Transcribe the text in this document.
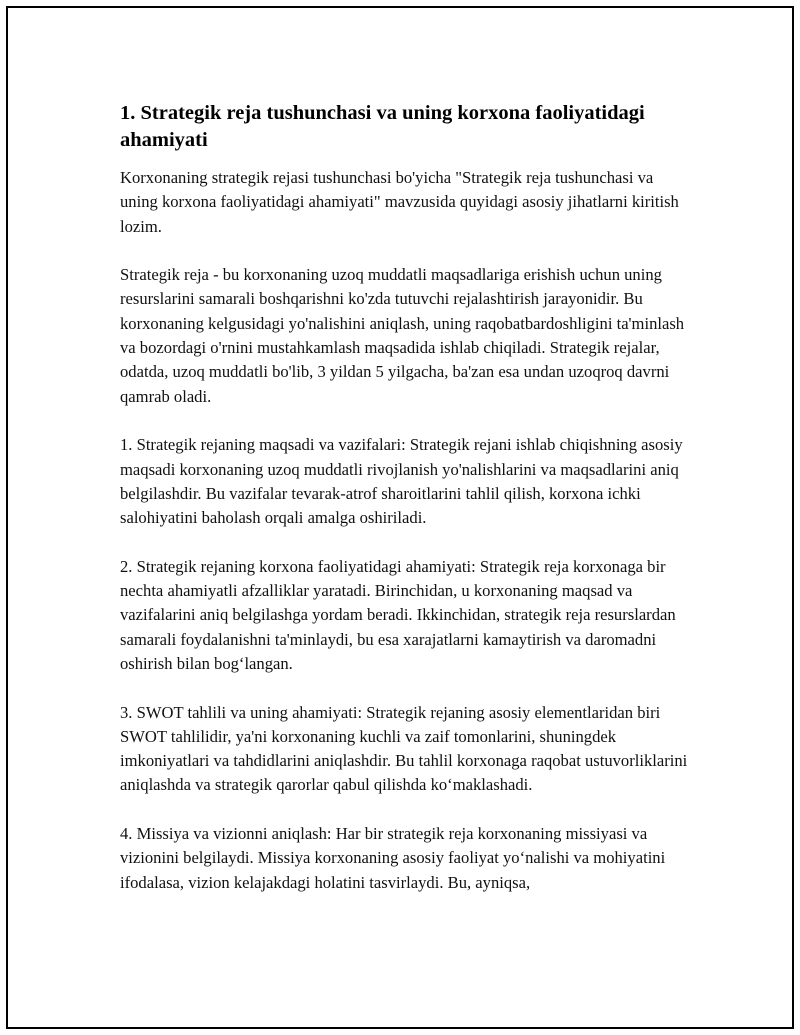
1. Strategik reja tushunchasi va uning korxona faoliyatidagi ahamiyati

Korxonaning strategik rejasi tushunchasi bo'yicha "Strategik reja tushunchasi va uning korxona faoliyatidagi ahamiyati" mavzusida quyidagi asosiy jihatlarni kiritish lozim.

Strategik reja - bu korxonaning uzoq muddatli maqsadlariga erishish uchun uning resurslarini samarali boshqarishni ko'zda tutuvchi rejalashtirish jarayonidir. Bu korxonaning kelgusidagi yo'nalishini aniqlash, uning raqobatbardoshligini ta'minlash va bozordagi o'rnini mustahkamlash maqsadida ishlab chiqiladi. Strategik rejalar, odatda, uzoq muddatli bo'lib, 3 yildan 5 yilgacha, ba'zan esa undan uzoqroq davrni qamrab oladi.

1. Strategik rejaning maqsadi va vazifalari: Strategik rejani ishlab chiqishning asosiy maqsadi korxonaning uzoq muddatli rivojlanish yo'nalishlarini va maqsadlarini aniq belgilashdir. Bu vazifalar tevarak-atrof sharoitlarini tahlil qilish, korxona ichki salohiyatini baholash orqali amalga oshiriladi.

2. Strategik rejaning korxona faoliyatidagi ahamiyati: Strategik reja korxonaga bir nechta ahamiyatli afzalliklar yaratadi. Birinchidan, u korxonaning maqsad va vazifalarini aniq belgilashga yordam beradi. Ikkinchidan, strategik reja resurslardan samarali foydalanishni ta'minlaydi, bu esa xarajatlarni kamaytirish va daromadni oshirish bilan bog‘langan.

3. SWOT tahlili va uning ahamiyati: Strategik rejaning asosiy elementlaridan biri SWOT tahlilidir, ya'ni korxonaning kuchli va zaif tomonlarini, shuningdek imkoniyatlari va tahdidlarini aniqlashdir. Bu tahlil korxonaga raqobat ustuvorliklarini aniqlashda va strategik qarorlar qabul qilishda ko‘maklashadi.

4. Missiya va vizionni aniqlash: Har bir strategik reja korxonaning missiyasi va vizionini belgilaydi. Missiya korxonaning asosiy faoliyat yo‘nalishi va mohiyatini ifodalasa, vizion kelajakdagi holatini tasvirlaydi. Bu, ayniqsa,
